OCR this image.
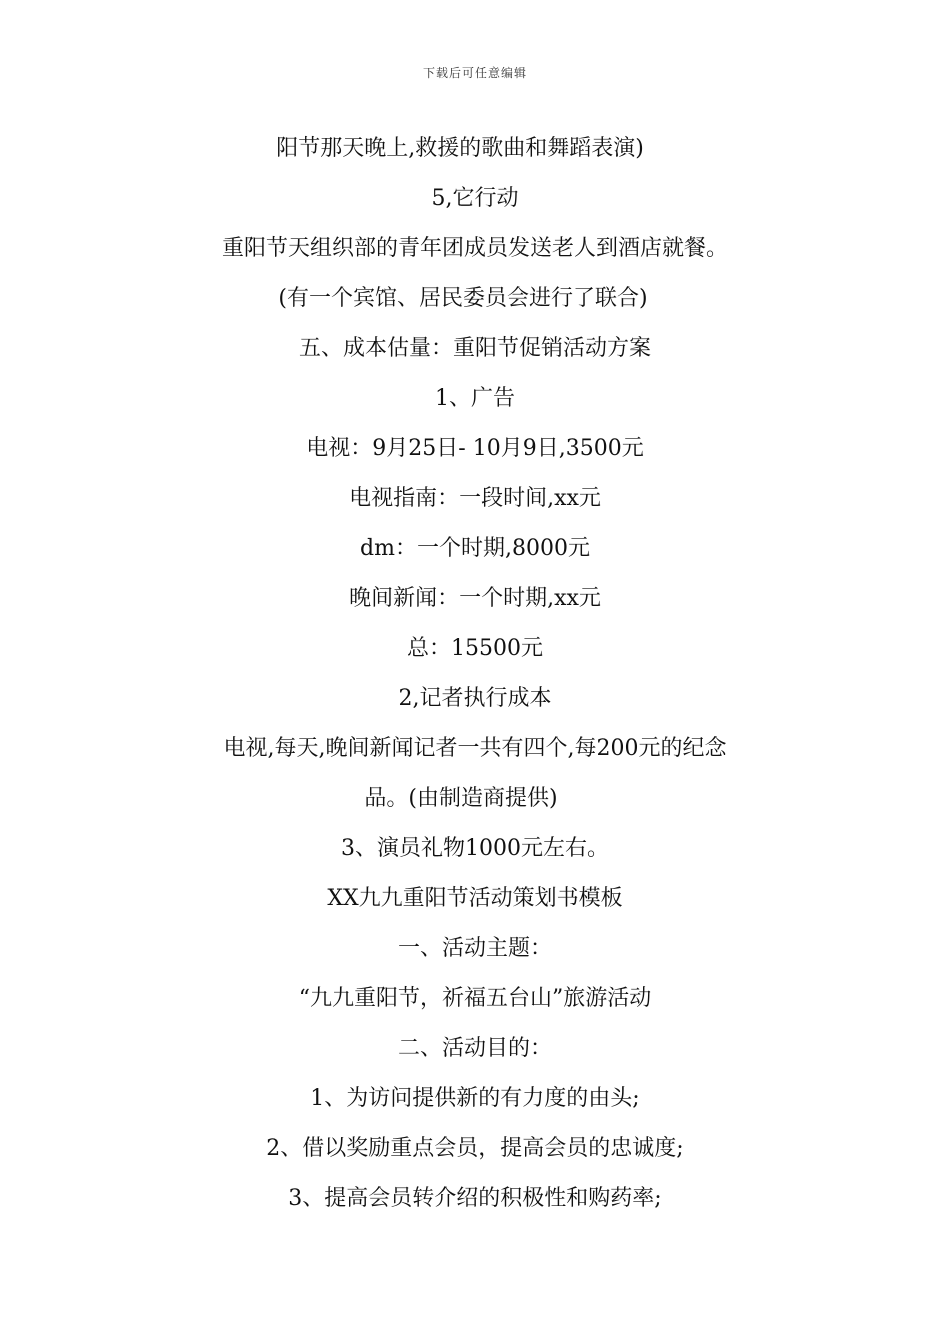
下载后可任意编辑
阳节那天晚上,救援的歌曲和舞蹈表演)
5,它行动
重阳节天组织部的青年团成员发送老人到酒店就餐。
(有一个宾馆、居民委员会进行了联合)
五、成本估量：重阳节促销活动方案
1、广告
电视：9月25日- 10月9日,3500元
电视指南：一段时间,xx元
dm：一个时期,8000元
晚间新闻：一个时期,xx元
总：15500元
2,记者执行成本
电视,每天,晚间新闻记者一共有四个,每200元的纪念
品。(由制造商提供)
3、演员礼物1000元左右。
XX九九重阳节活动策划书模板
一、活动主题：
“九九重阳节，祈福五台山”旅游活动
二、活动目的：
1、为访问提供新的有力度的由头;
2、借以奖励重点会员，提高会员的忠诚度;
3、提高会员转介绍的积极性和购药率;
